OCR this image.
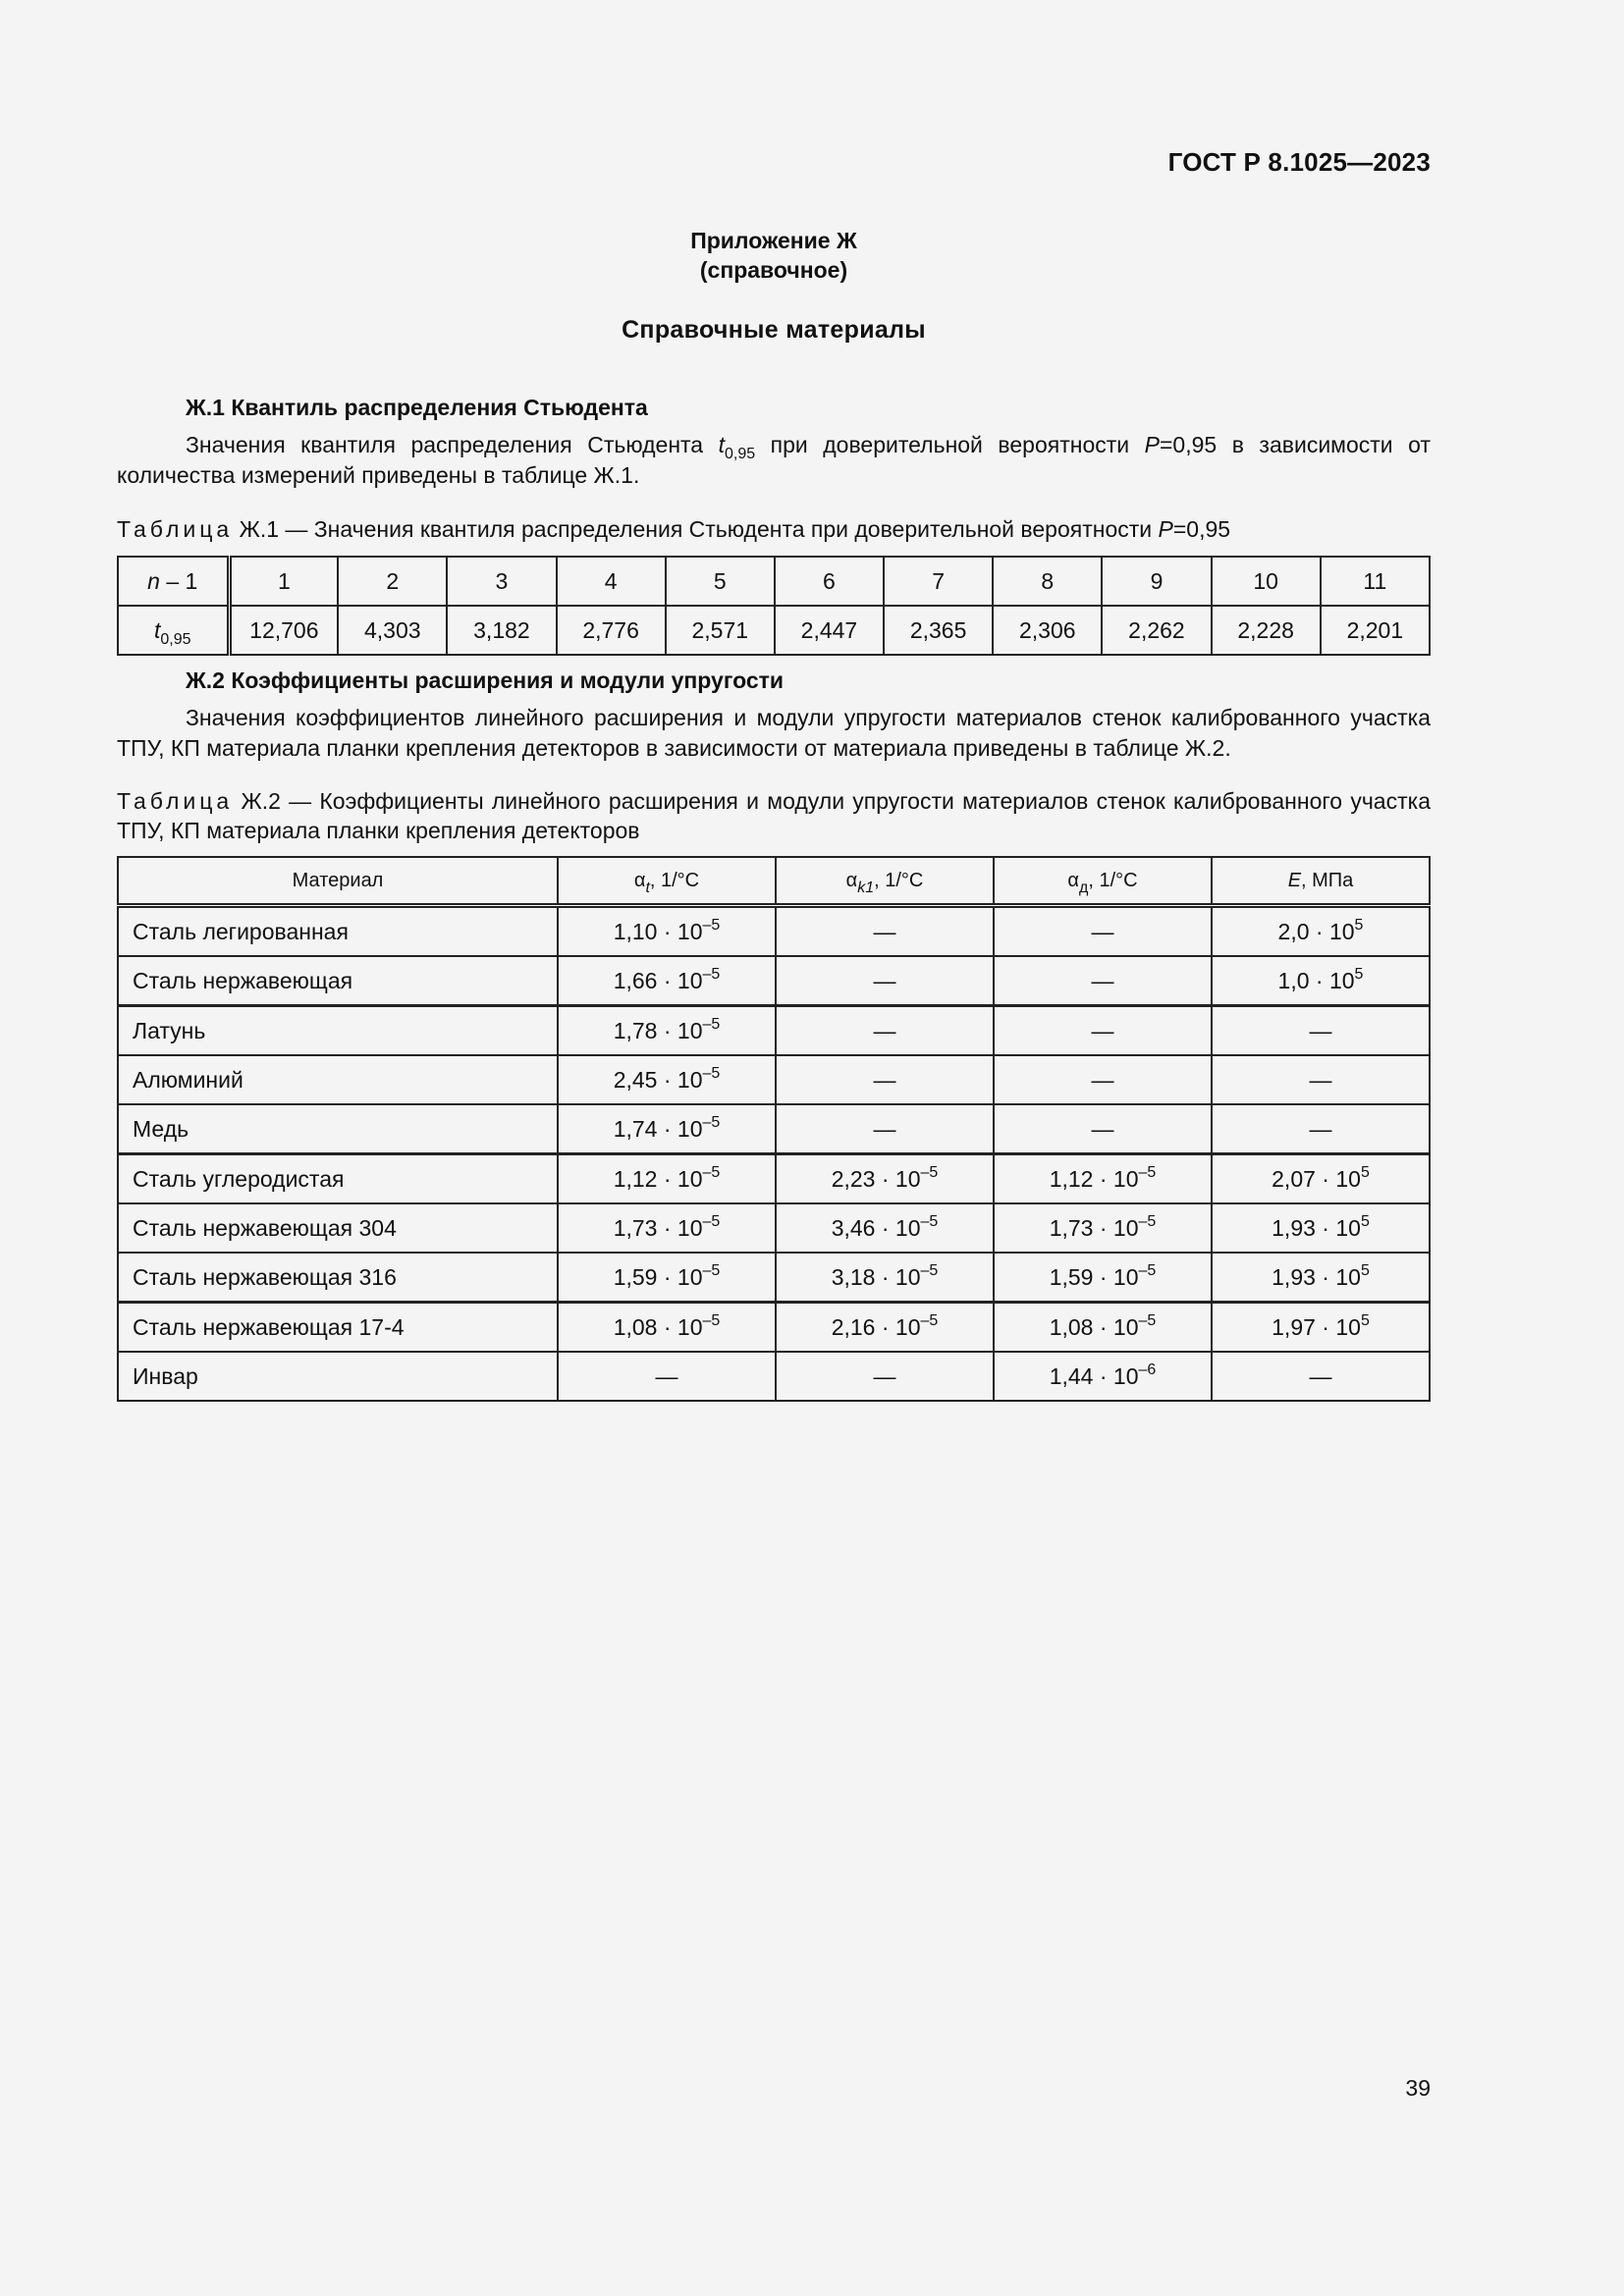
ГОСТ Р 8.1025—2023
Приложение Ж
(справочное)
Справочные материалы
Ж.1 Квантиль распределения Стьюдента
Значения квантиля распределения Стьюдента $t_{0,95}$ при доверительной вероятности P=0,95 в зависимости от количества измерений приведены в таблице Ж.1.
Таблица Ж.1 — Значения квантиля распределения Стьюдента при доверительной вероятности P=0,95
n – 1	1	2	3	4	5	6	7	8	9	10	11
$t_{0,95}$	12,706	4,303	3,182	2,776	2,571	2,447	2,365	2,306	2,262	2,228	2,201
Ж.2 Коэффициенты расширения и модули упругости
Значения коэффициентов линейного расширения и модули упругости материалов стенок калиброванного участка ТПУ, КП материала планки крепления детекторов в зависимости от материала приведены в таблице Ж.2.
Таблица Ж.2 — Коэффициенты линейного расширения и модули упругости материалов стенок калиброванного участка ТПУ, КП материала планки крепления детекторов
Материал	$\alpha_t$, 1/°C	$\alpha_{k1}$, 1/°C	$\alpha_д$, 1/°C	E, МПа
Сталь легированная	$1,10 \cdot 10^{-5}$	—	—	$2,0 \cdot 10^5$
Сталь нержавеющая	$1,66 \cdot 10^{-5}$	—	—	$1,0 \cdot 10^5$
Латунь	$1,78 \cdot 10^{-5}$	—	—	—
Алюминий	$2,45 \cdot 10^{-5}$	—	—	—
Медь	$1,74 \cdot 10^{-5}$	—	—	—
Сталь углеродистая	$1,12 \cdot 10^{-5}$	$2,23 \cdot 10^{-5}$	$1,12 \cdot 10^{-5}$	$2,07 \cdot 10^5$
Сталь нержавеющая 304	$1,73 \cdot 10^{-5}$	$3,46 \cdot 10^{-5}$	$1,73 \cdot 10^{-5}$	$1,93 \cdot 10^5$
Сталь нержавеющая 316	$1,59 \cdot 10^{-5}$	$3,18 \cdot 10^{-5}$	$1,59 \cdot 10^{-5}$	$1,93 \cdot 10^5$
Сталь нержавеющая 17-4	$1,08 \cdot 10^{-5}$	$2,16 \cdot 10^{-5}$	$1,08 \cdot 10^{-5}$	$1,97 \cdot 10^5$
Инвар	—	—	$1,44 \cdot 10^{-6}$	—
39
